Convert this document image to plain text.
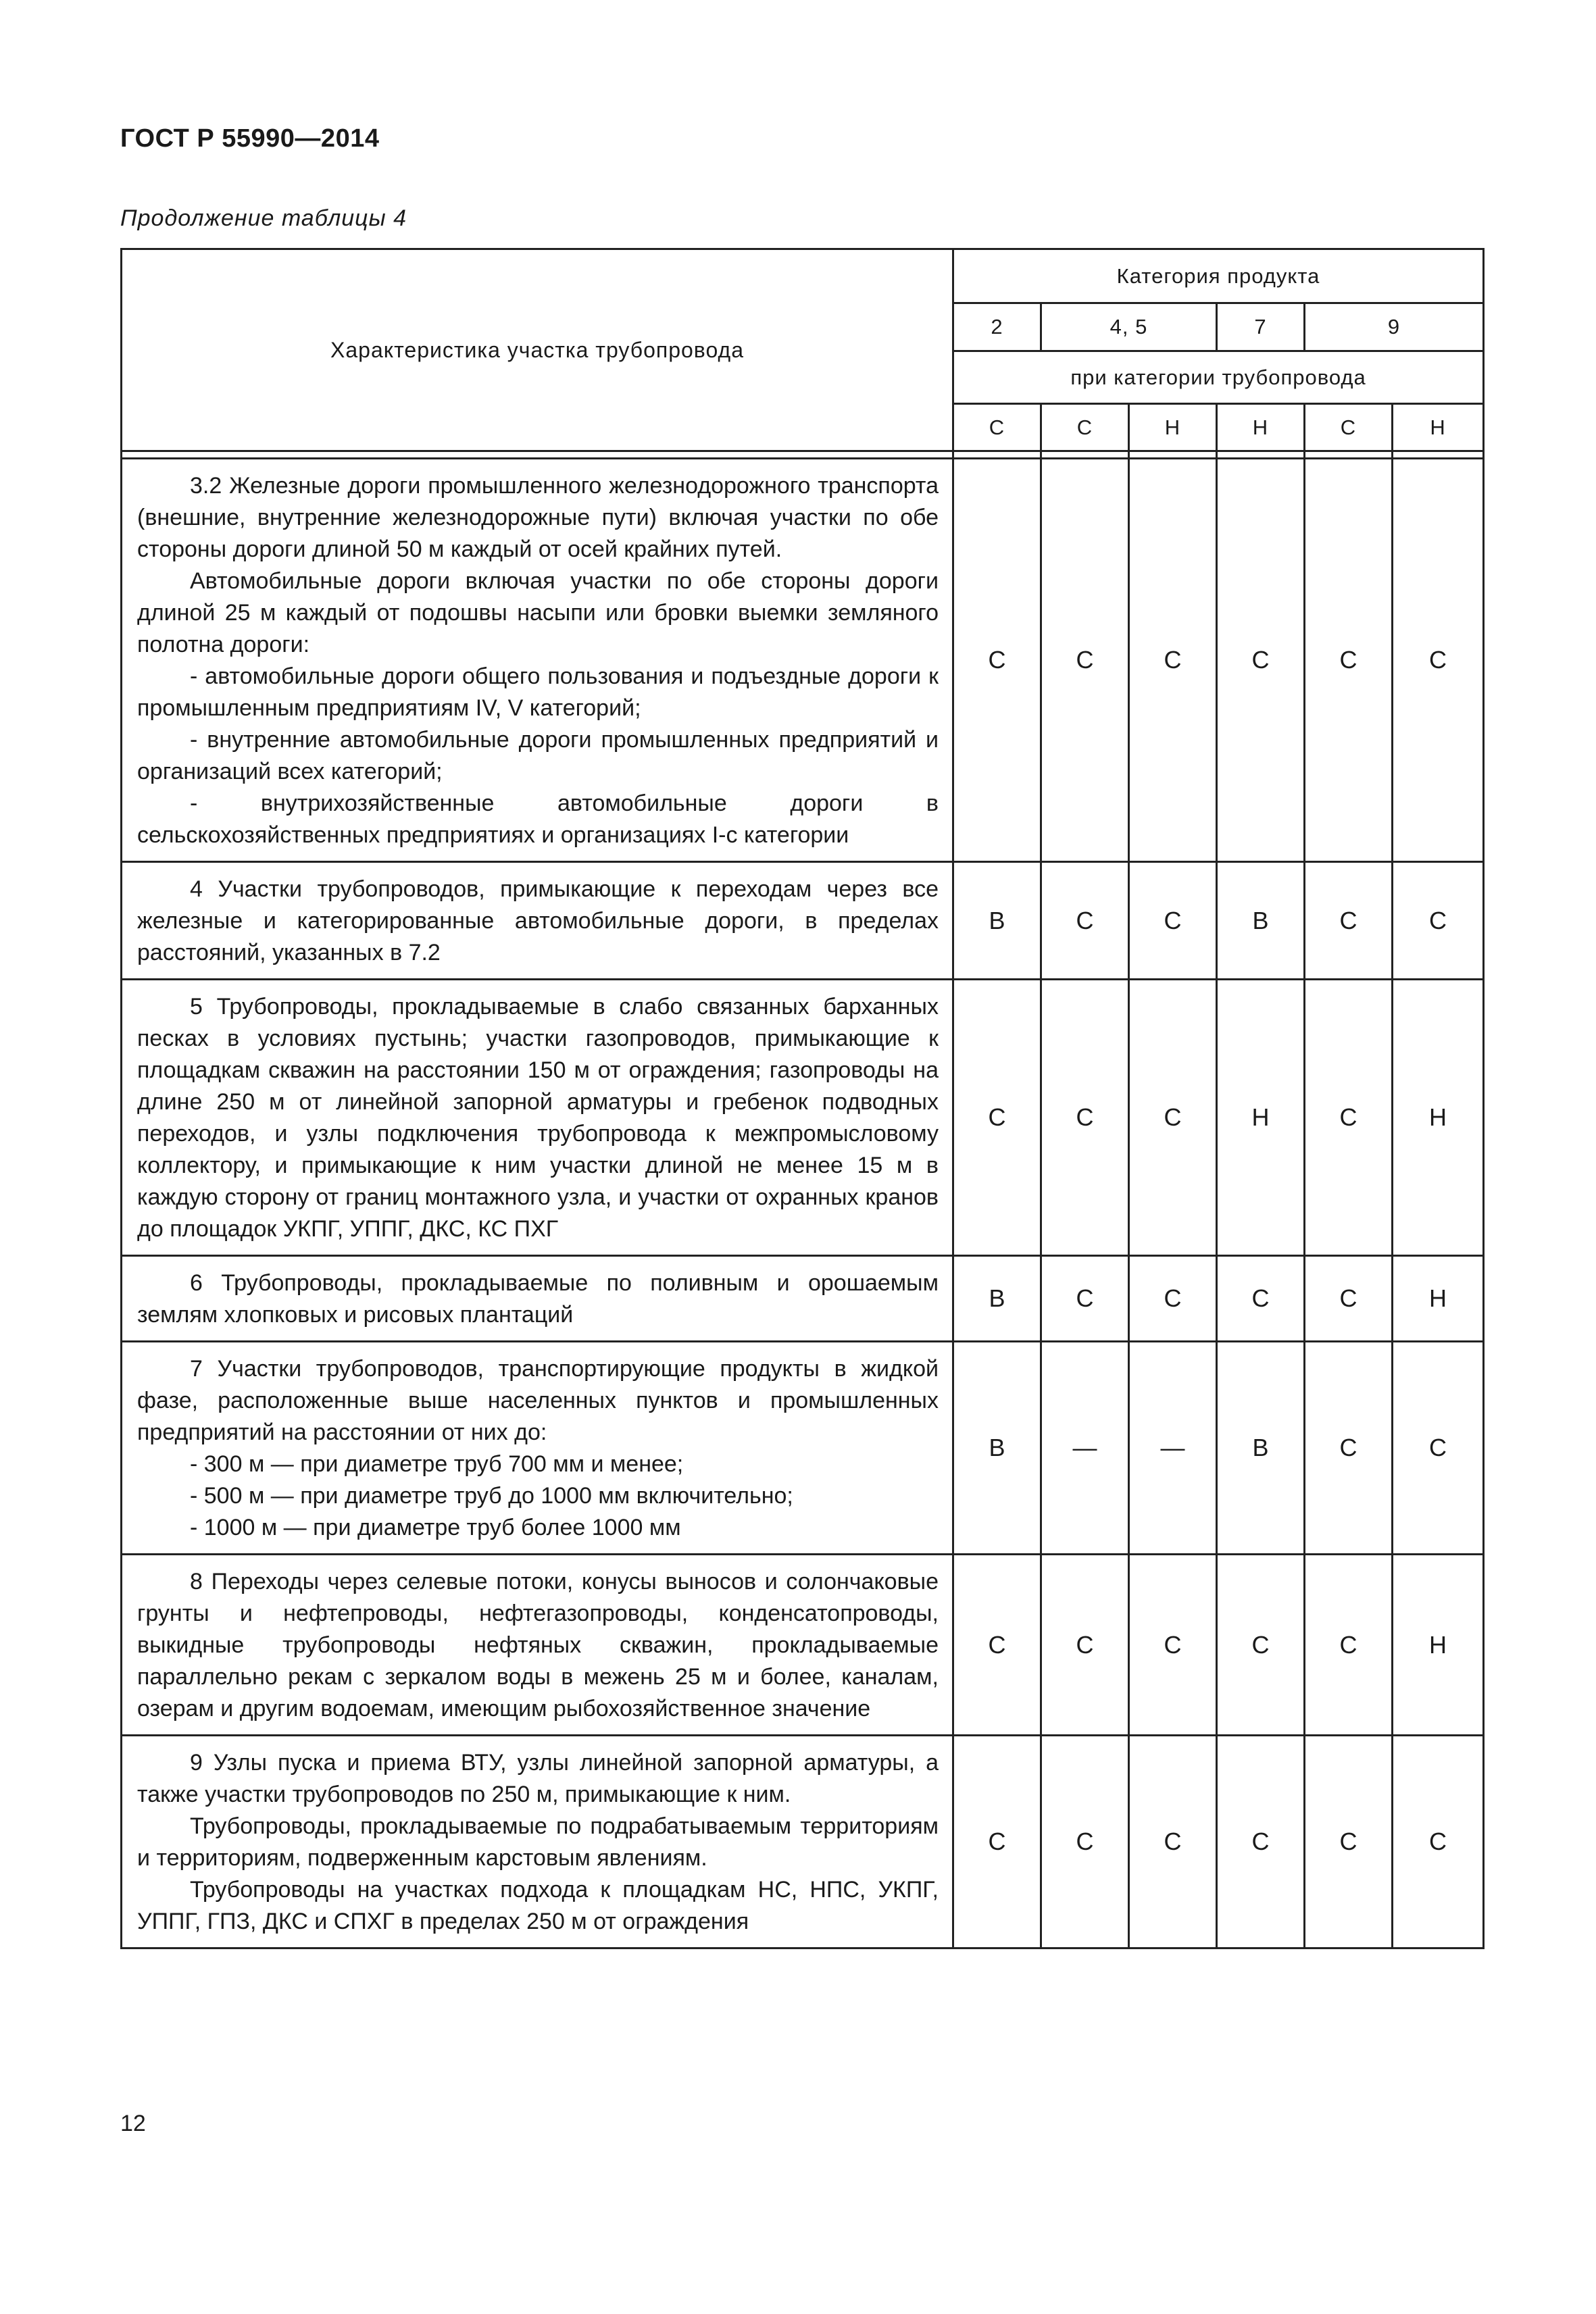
ГОСТ Р 55990—2014
Продолжение таблицы 4
Характеристика участка трубопровода	Категория продукта					
	2	4, 5		7	9	
	при категории трубопровода					
	С	С	Н	Н	С	Н

3.2 Железные дороги промышленного железнодорожного транспорта (внешние, внутренние железнодорожные пути) включая участки по обе стороны дороги длиной 50 м каждый от осей крайних путей.

Автомобильные дороги включая участки по обе стороны дороги длиной 25 м каждый от подошвы насыпи или бровки выемки земляного полотна дороги:

- автомобильные дороги общего пользования и подъездные дороги к промышленным предприятиям IV, V категорий;

- внутренние автомобильные дороги промышленных предприятий и организаций всех категорий;

- внутрихозяйственные автомобильные дороги в сельскохозяйственных предприятиях и организациях I-c категории	С	С	С	С	С	С

4 Участки трубопроводов, примыкающие к переходам через все железные и категорированные автомобильные дороги, в пределах расстояний, указанных в 7.2	В	С	С	В	С	С

5 Трубопроводы, прокладываемые в слабо связанных барханных песках в условиях пустынь; участки газопроводов, примыкающие к площадкам скважин на расстоянии 150 м от ограждения; газопроводы на длине 250 м от линейной запорной арматуры и гребенок подводных переходов, и узлы подключения трубопровода к межпромысловому коллектору, и примыкающие к ним участки длиной не менее 15 м в каждую сторону от границ монтажного узла, и участки от охранных кранов до площадок УКПГ, УППГ, ДКС, КС ПХГ	С	С	С	Н	С	Н

6 Трубопроводы, прокладываемые по поливным и орошаемым землям хлопковых и рисовых плантаций	В	С	С	С	С	Н

7 Участки трубопроводов, транспортирующие продукты в жидкой фазе, расположенные выше населенных пунктов и промышленных предприятий на расстоянии от них до:

- 300 м — при диаметре труб 700 мм и менее;

- 500 м — при диаметре труб до 1000 мм включительно;

- 1000 м — при диаметре труб более 1000 мм	В	—	—	В	С	С

8 Переходы через селевые потоки, конусы выносов и солончаковые грунты и нефтепроводы, нефтегазопроводы, конденсатопроводы, выкидные трубопроводы нефтяных скважин, прокладываемые параллельно рекам с зеркалом воды в межень 25 м и более, каналам, озерам и другим водоемам, имеющим рыбохозяйственное значение	С	С	С	С	С	Н

9 Узлы пуска и приема ВТУ, узлы линейной запорной арматуры, а также участки трубопроводов по 250 м, примыкающие к ним.

Трубопроводы, прокладываемые по подрабатываемым территориям и территориям, подверженным карстовым явлениям.

Трубопроводы на участках подхода к площадкам НС, НПС, УКПГ, УППГ, ГПЗ, ДКС и СПХГ в пределах 250 м от ограждения	С	С	С	С	С	С
12
